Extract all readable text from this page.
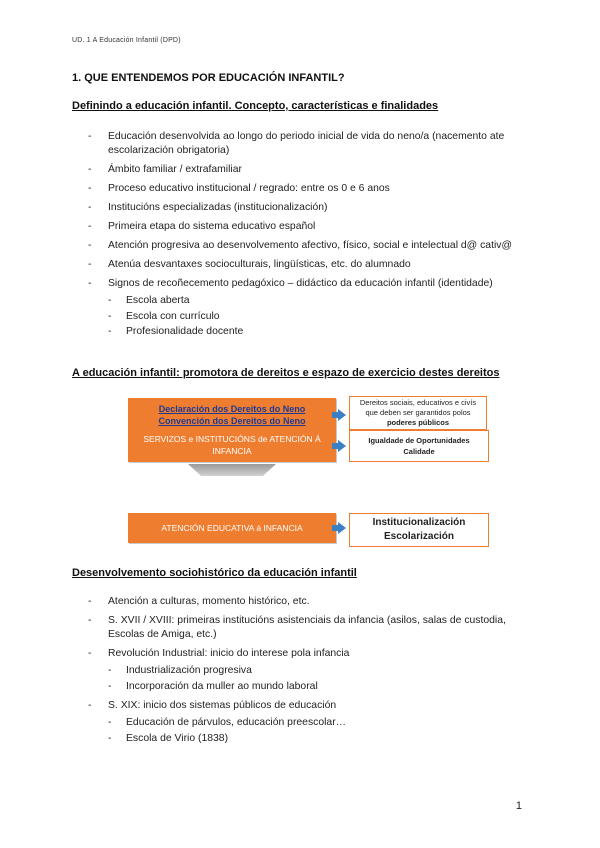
UD. 1 A Educación Infantil (DPD)
1. QUE ENTENDEMOS POR EDUCACIÓN INFANTIL?
Definindo a educación infantil. Concepto, características e finalidades
- Educación desenvolvida ao longo do periodo inicial de vida do neno/a (nacemento ate escolarización obrigatoria)
- Ámbito familiar / extrafamiliar
- Proceso educativo institucional / regrado: entre os 0 e 6 anos
- Institucións especializadas (institucionalización)
- Primeira etapa do sistema educativo español
- Atención progresiva ao desenvolvemento afectivo, físico, social e intelectual d@ cativ@
- Atenúa desvantaxes socioculturais, lingüísticas, etc. do alumnado
- Signos de recoñecemento pedagóxico – didáctico da educación infantil (identidade)
- Escola aberta
- Escola con currículo
- Profesionalidade docente
A educación infantil: promotora de dereitos e espazo de exercicio destes dereitos
Declaración dos Dereitos do Neno
Convención dos Dereitos do Neno
Dereitos sociais, educativos e civís que deben ser garantidos polos
poderes públicos
SERVIZOS e INSTITUCIÓNS de ATENCIÓN Á INFANCIA
Igualdade de Oportunidades
Calidade
ATENCIÓN EDUCATIVA á INFANCIA	Institucionalización
Escolarización
Desenvolvemento sociohistórico da educación infantil
- Atención a culturas, momento histórico, etc.
- S. XVII / XVIII: primeiras institucións asistenciais da infancia (asilos, salas de custodia, Escolas de Amiga, etc.)
- Revolución Industrial: inicio do interese pola infancia
- Industrialización progresiva
- Incorporación da muller ao mundo laboral
- S. XIX: inicio dos sistemas públicos de educación
- Educación de párvulos, educación preescolar…
- Escola de Virio (1838)
1
